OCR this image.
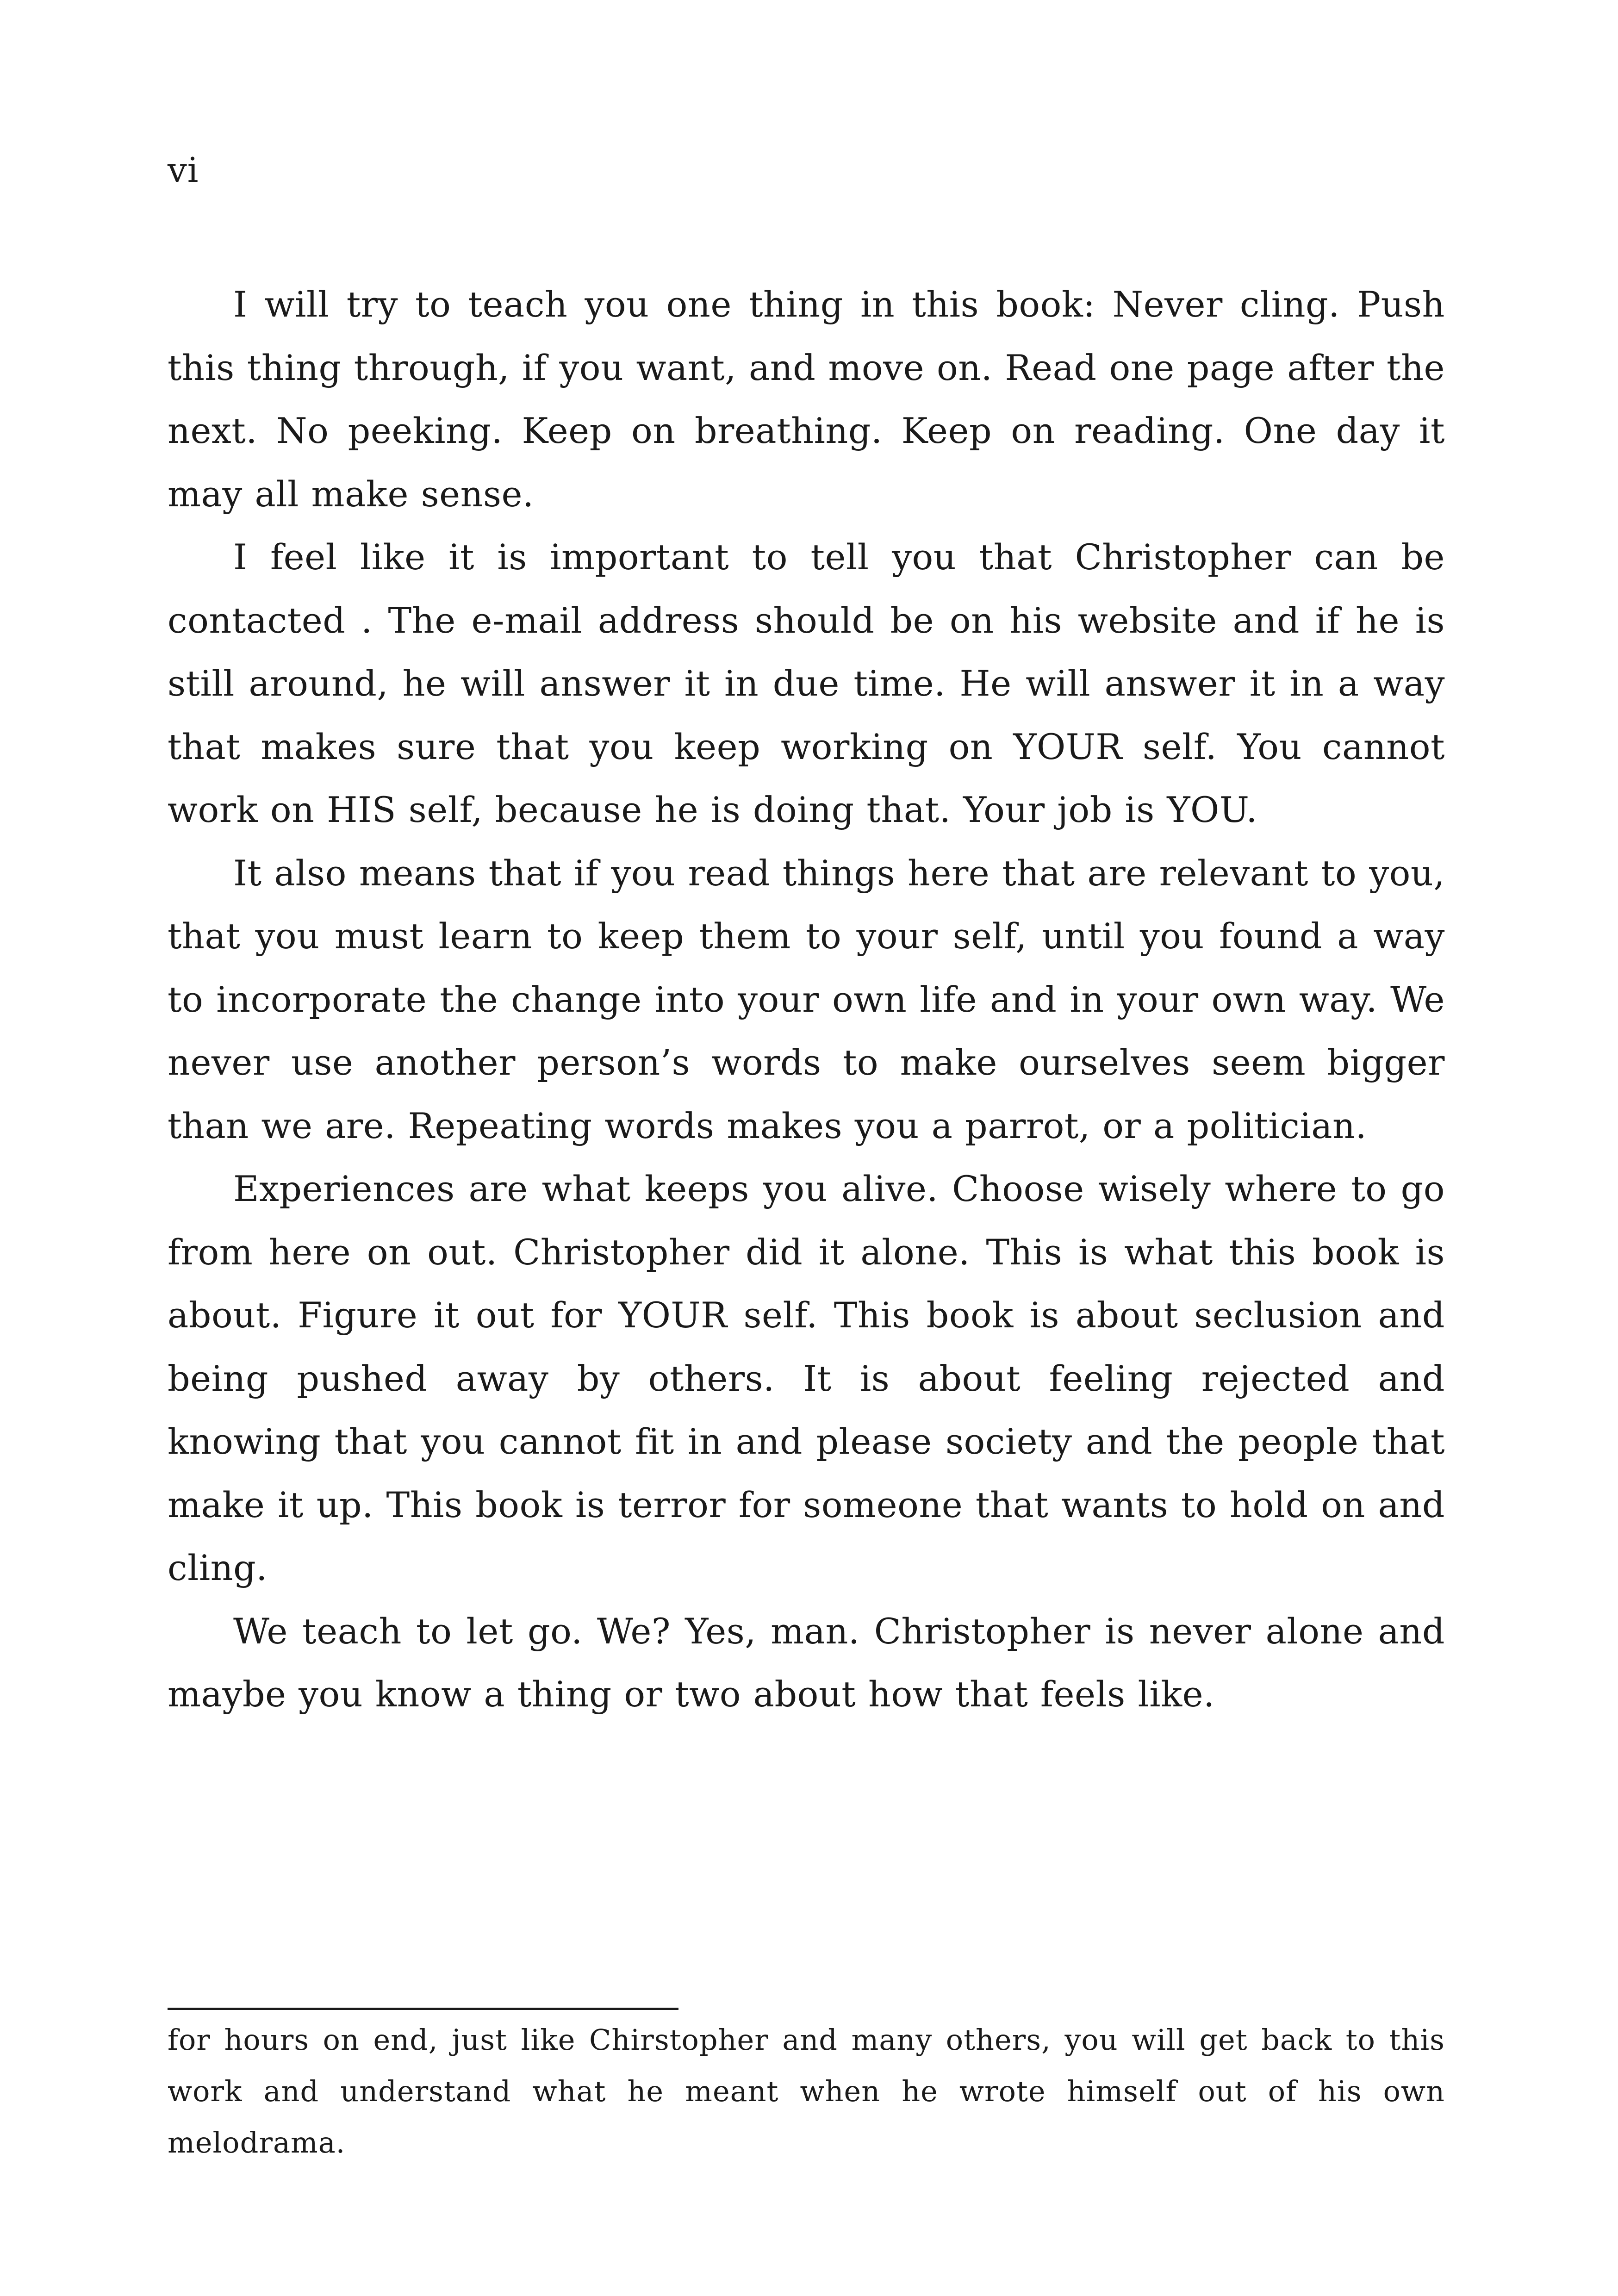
vi

I will try to teach you one thing in this book: Never cling. Push this thing through, if you want, and move on. Read one page after the next. No peeking. Keep on breathing. Keep on reading. One day it may all make sense.

I feel like it is important to tell you that Christopher can be contacted . The e-mail address should be on his website and if he is still around, he will answer it in due time. He will answer it in a way that makes sure that you keep working on YOUR self. You cannot work on HIS self, because he is doing that. Your job is YOU.

It also means that if you read things here that are relevant to you, that you must learn to keep them to your self, until you found a way to incorporate the change into your own life and in your own way. We never use another person’s words to make ourselves seem bigger than we are. Repeating words makes you a parrot, or a politician.

Experiences are what keeps you alive. Choose wisely where to go from here on out. Christopher did it alone. This is what this book is about. Figure it out for YOUR self. This book is about seclusion and being pushed away by others. It is about feeling rejected and knowing that you cannot fit in and please society and the people that make it up. This book is terror for someone that wants to hold on and cling.

We teach to let go. We? Yes, man. Christopher is never alone and maybe you know a thing or two about how that feels like.

for hours on end, just like Chirstopher and many others, you will get back to this work and understand what he meant when he wrote himself out of his own melodrama.
